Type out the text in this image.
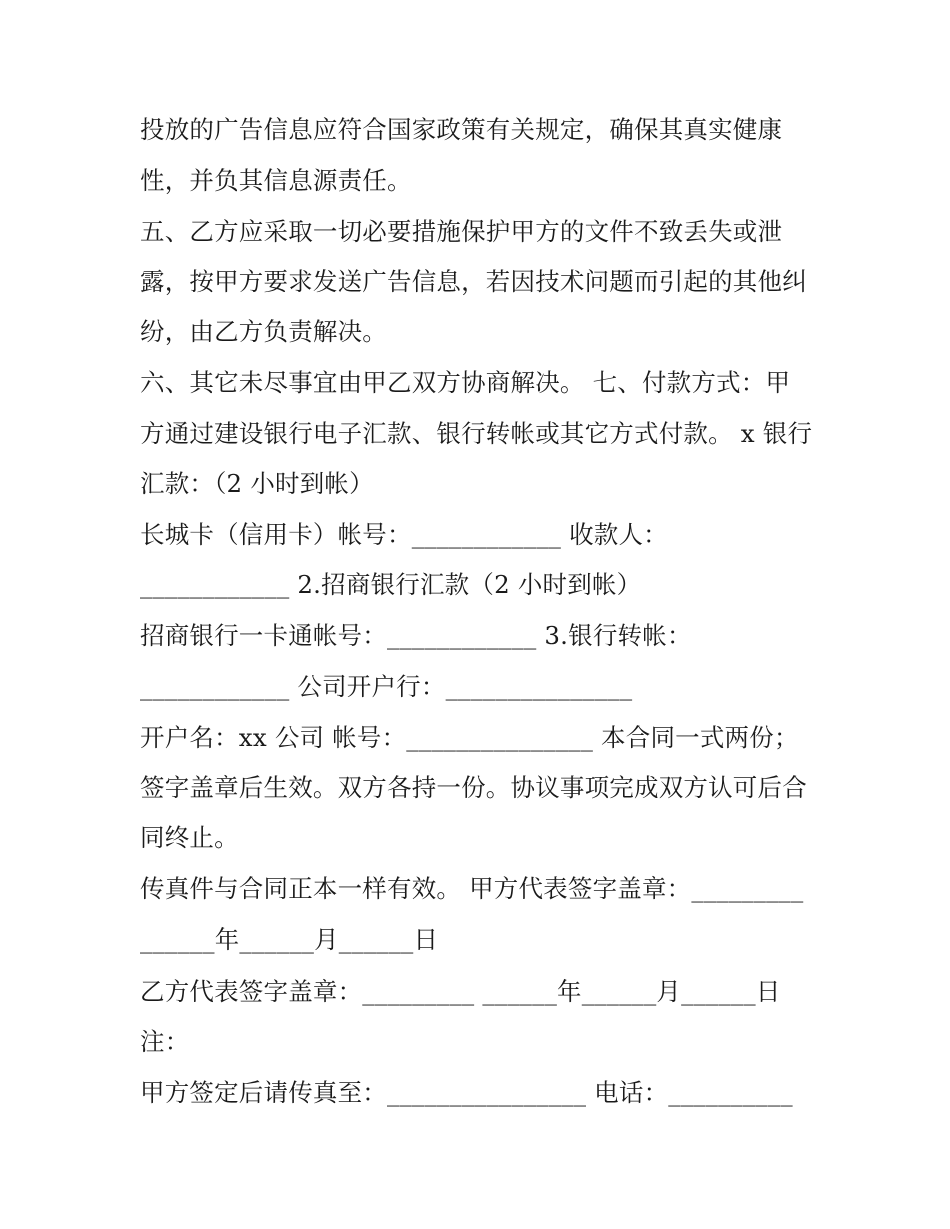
投放的广告信息应符合国家政策有关规定，确保其真实健康
性，并负其信息源责任。
五、乙方应采取一切必要措施保护甲方的文件不致丢失或泄
露，按甲方要求发送广告信息，若因技术问题而引起的其他纠
纷，由乙方负责解决。
六、其它未尽事宜由甲乙双方协商解决。 七、付款方式：甲
方通过建设银行电子汇款、银行转帐或其它方式付款。 x 银行
汇款：（2 小时到帐）
长城卡（信用卡）帐号：____________ 收款人：
____________ 2.招商银行汇款（2 小时到帐）
招商银行一卡通帐号：____________ 3.银行转帐：
____________ 公司开户行：_______________
开户名：xx 公司 帐号：_______________ 本合同一式两份；
签字盖章后生效。双方各持一份。协议事项完成双方认可后合
同终止。
传真件与合同正本一样有效。 甲方代表签字盖章：_________
______年______月______日
乙方代表签字盖章：_________ ______年______月______日
注：
甲方签定后请传真至：________________ 电话：__________
